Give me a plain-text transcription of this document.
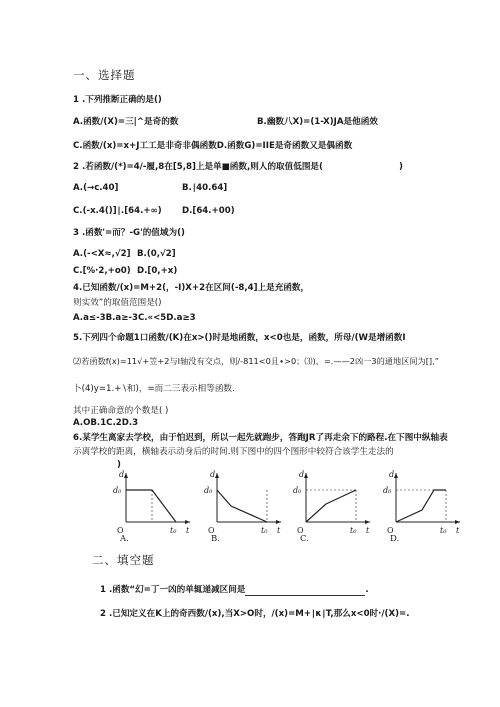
一、选择题
1 .下列推断正确的是()
A.函数/(X)=三|^是奇的数	B.幽数八X)=(1-X)JA是他函效
C.函数/(x)=x+J工工是非奇非偶函数D.函数G)=IIE是奇函数又是偶函数
2 .若函数/(*)=4/-履,8在[5,8]上是单■函数,则人的取值低围是(	)
A.(→c.40]	B.∣40.64]
C.(-x.4()]∣.[64.+∞) D.[64.+00)
3 .函数'=而？-G'的值域为()
A.(-<X≈,√2] B.(0,√2]
C.[%·2,+o0) D.[0,+x)
4.已知函数/(x)=M+2(，-I)X+2在区间(-8,4]上是充函数，
则实效”的取值范围是()
A.a≤-3B.a≥-3C.«<5D.a≥3
5.下列四个命题1口函数/(K)在x>()时是地函数，x<0也是，函数，所母/(W是增函数I
⑵若函数f(x)=11√+笠+2与Ⅰ轴没有交点，则/-811<0且∙>0；⑶)，=.——2凶一3的通地区间为[],”
卜(4)y=1.+∖和)，=而二三表示相等函数.
其中正确命意的个数是( )
A.OB.1C.2D.3
6.某学生离家去学校，由于怕迟到，所以一起先就跑步，答跑JR了再走余下的路程.在下图中纵轴表
示离学校的距离，横轴表示动身后的时间.则下图中的四个图形中较符合该学生走法的
)
d
d₀
O	t₀ t
A.
d
d₀
O	t₀ t
B.
d
d₀
O	t₀ t
C.
d
d₀
O	t₀ t
D.
二、填空题
1 .函数“幻=丁一凶的单辄递减区间是	.
2 .已知定义在K上的奇西数/(x),当X>O时，/(x)=M+∣κ∣T,那么x<0时·/(X)=.
